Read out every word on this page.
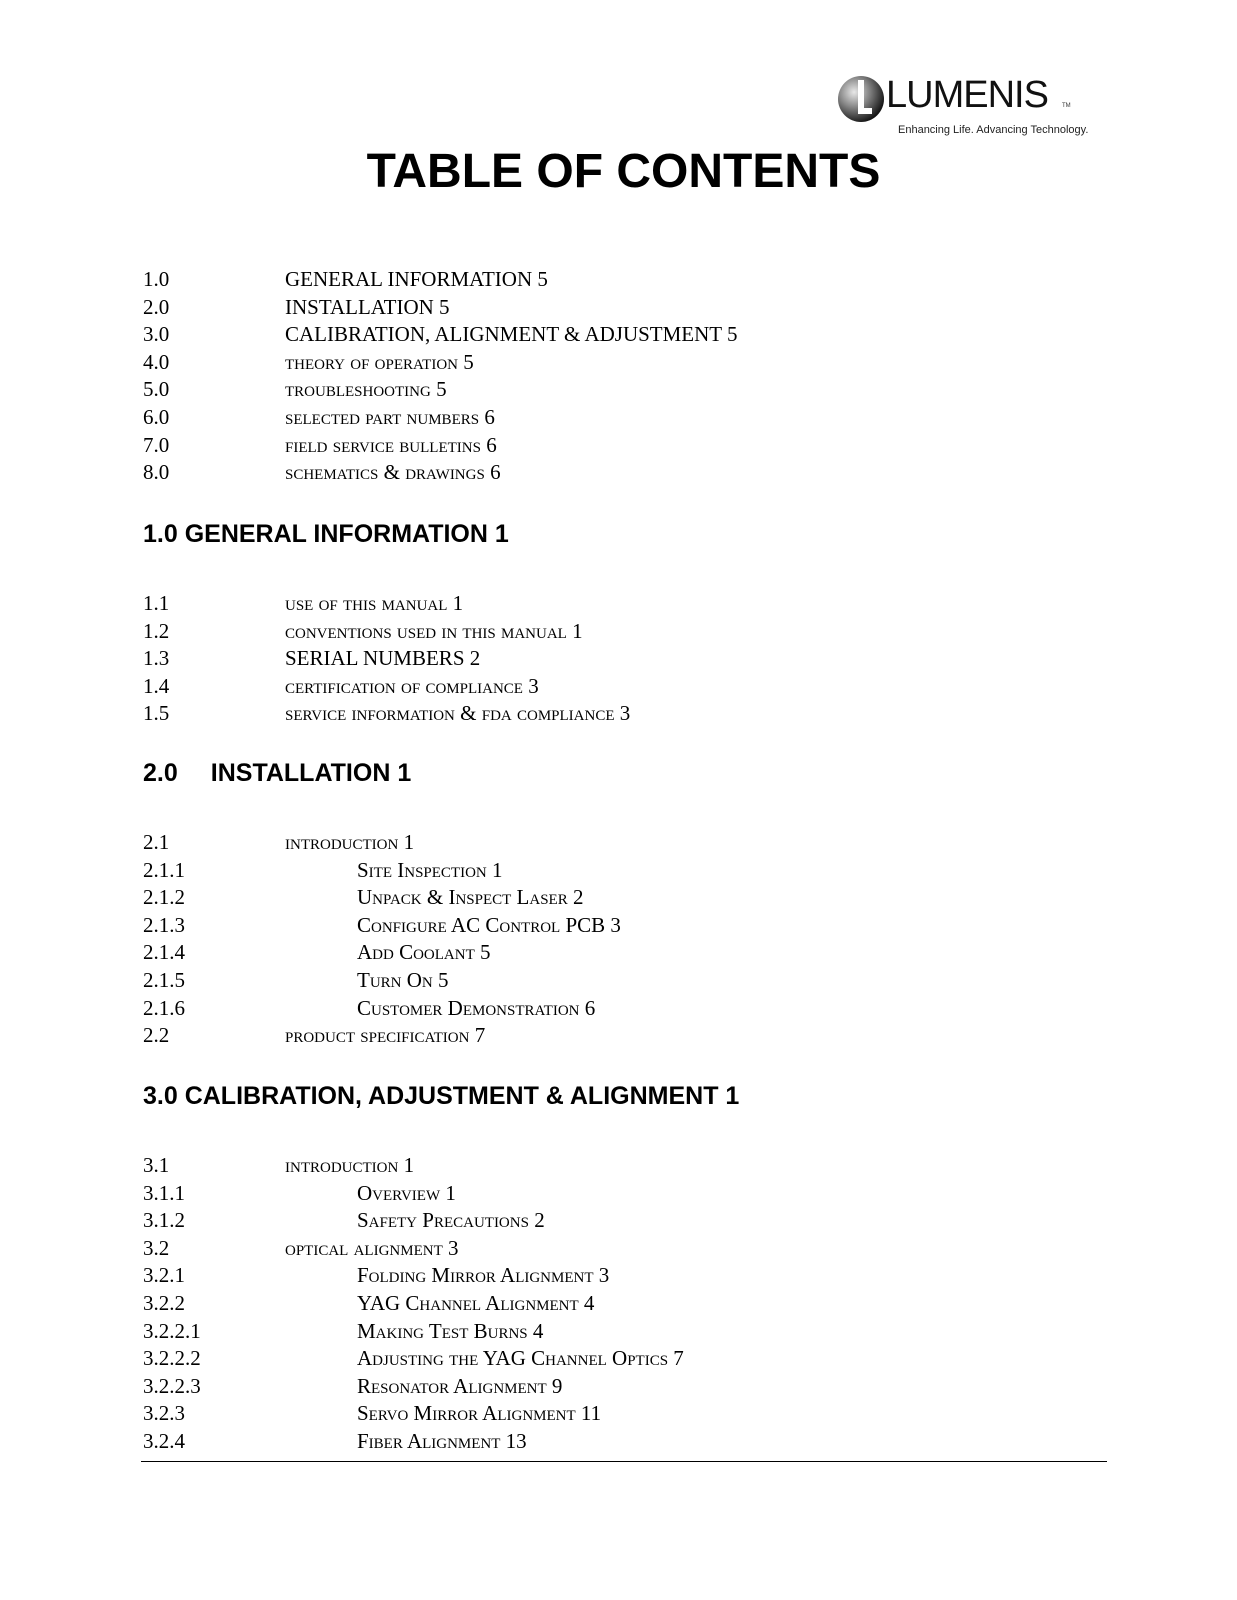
LUMENIS TM
Enhancing Life. Advancing Technology.
TABLE OF CONTENTS
1.0	GENERAL INFORMATION 5
2.0	INSTALLATION 5
3.0	CALIBRATION, ALIGNMENT & ADJUSTMENT 5
4.0	theory of operation 5
5.0	troubleshooting 5
6.0	selected part numbers 6
7.0	field service bulletins 6
8.0	schematics & drawings 6
1.0 GENERAL INFORMATION 1
1.1	use of this manual 1
1.2	conventions used in this manual 1
1.3	SERIAL NUMBERS 2
1.4	certification of compliance 3
1.5	service information & fda compliance 3
2.0 INSTALLATION 1
2.1	introduction 1
2.1.1	Site Inspection 1
2.1.2	Unpack & Inspect Laser 2
2.1.3	Configure AC Control PCB 3
2.1.4	Add Coolant 5
2.1.5	Turn On 5
2.1.6	Customer Demonstration 6
2.2	product specification 7
3.0 CALIBRATION, ADJUSTMENT & ALIGNMENT 1
3.1	introduction 1
3.1.1	Overview 1
3.1.2	Safety Precautions 2
3.2	optical alignment 3
3.2.1	Folding Mirror Alignment 3
3.2.2	YAG Channel Alignment 4
3.2.2.1	Making Test Burns 4
3.2.2.2	Adjusting the YAG Channel Optics 7
3.2.2.3	Resonator Alignment 9
3.2.3	Servo Mirror Alignment 11
3.2.4	Fiber Alignment 13
